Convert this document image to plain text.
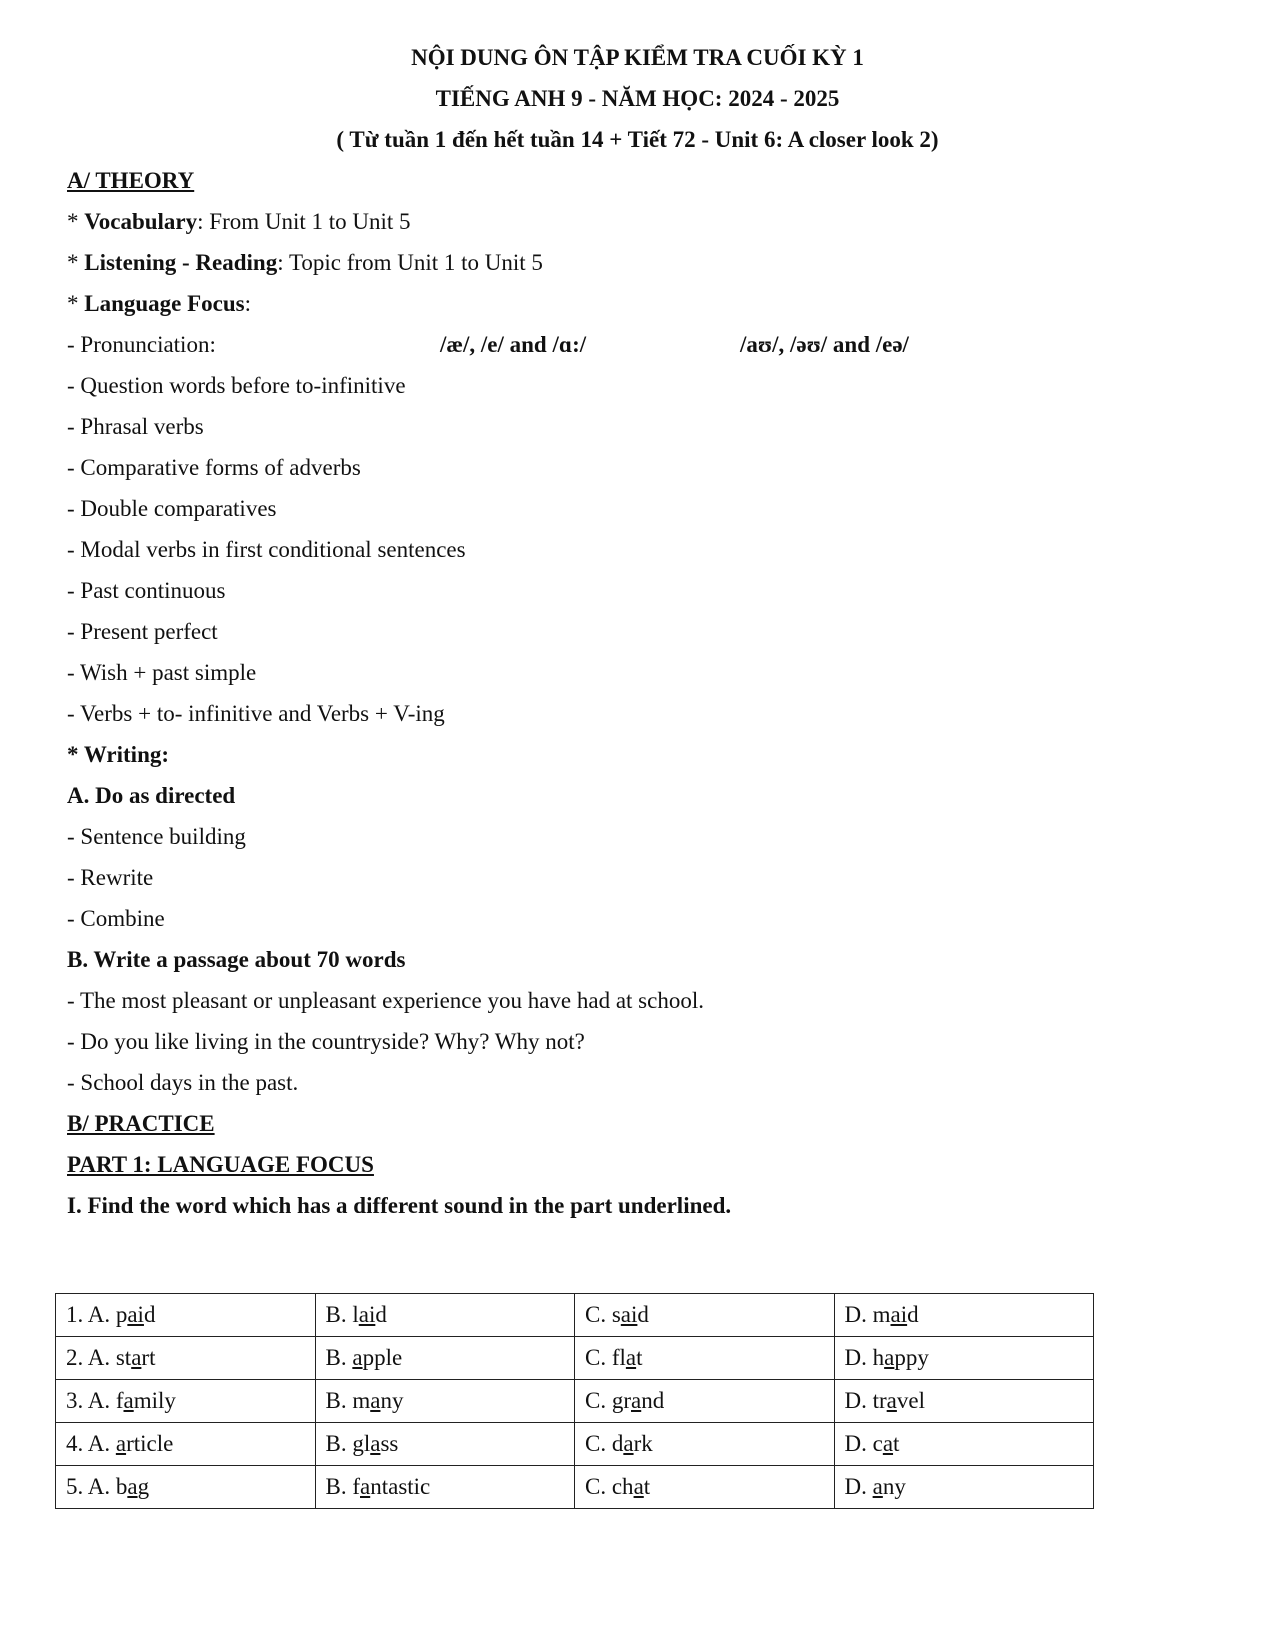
NỘI DUNG ÔN TẬP KIỂM TRA CUỐI KỲ 1
TIẾNG ANH 9 - NĂM HỌC: 2024 - 2025
( Từ tuần 1 đến hết tuần 14 + Tiết 72 - Unit 6: A closer look 2)
A/ THEORY
* Vocabulary: From Unit 1 to Unit 5
* Listening - Reading: Topic from Unit 1 to Unit 5
* Language Focus:
- Pronunciation:	/æ/, /e/ and /ɑ:/	/aʊ/, /əʊ/ and /eə/
- Question words before to-infinitive
- Phrasal verbs
- Comparative forms of adverbs
- Double comparatives
- Modal verbs in first conditional sentences
- Past continuous
- Present perfect
- Wish + past simple
- Verbs + to- infinitive and Verbs + V-ing
* Writing:
A. Do as directed
- Sentence building
- Rewrite
- Combine
B. Write a passage about 70 words
- The most pleasant or unpleasant experience you have had at school.
- Do you like living in the countryside? Why? Why not?
- School days in the past.
B/ PRACTICE
PART 1: LANGUAGE FOCUS
I. Find the word which has a different sound in the part underlined.
1. A. paid	B. laid	C. said	D. maid
2. A. start	B. apple	C. flat	D. happy
3. A. family	B. many	C. grand	D. travel
4. A. article	B. glass	C. dark	D. cat
5. A. bag	B. fantastic	C. chat	D. any
